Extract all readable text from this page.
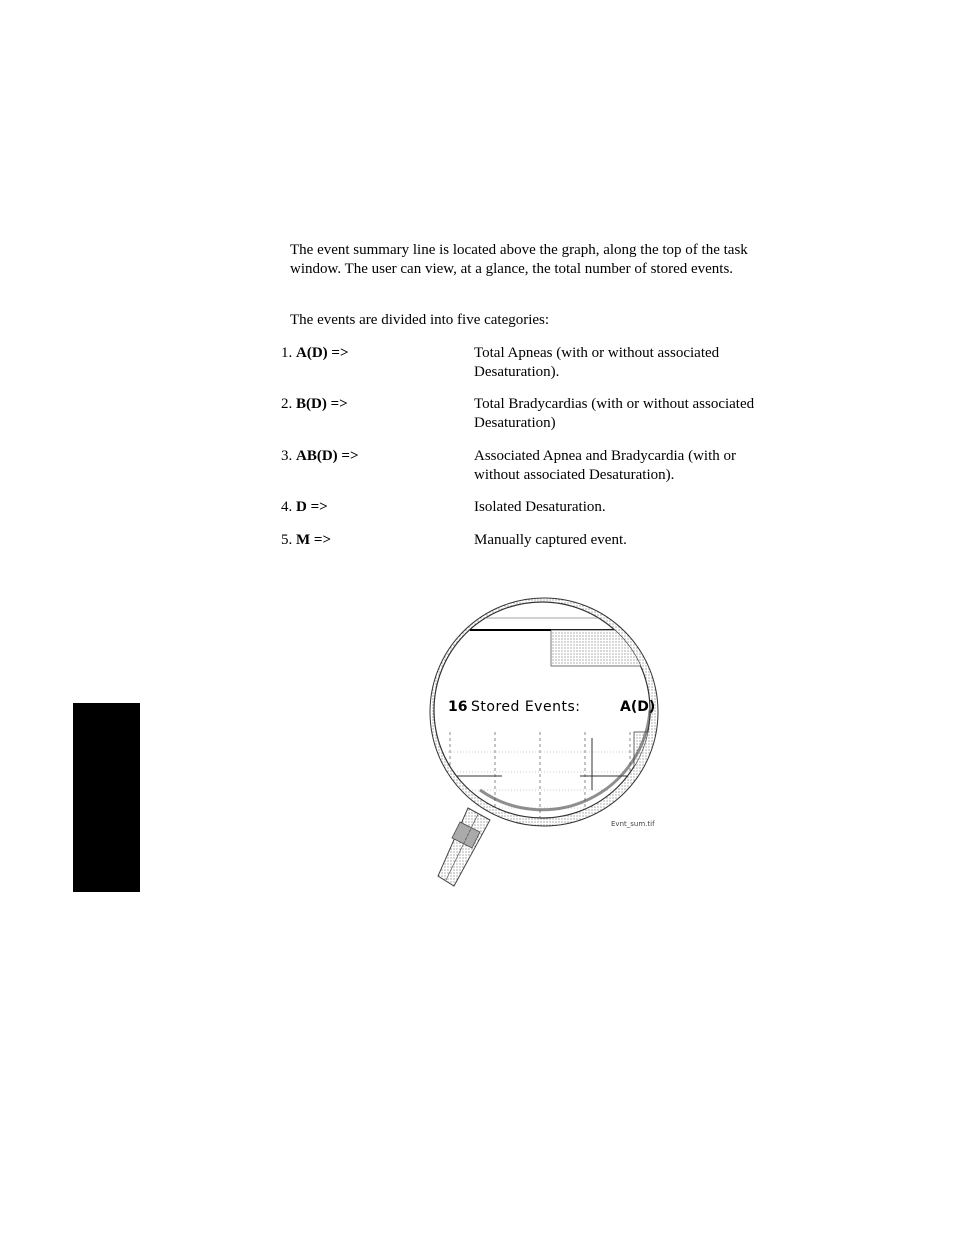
The event summary line is located above the graph, along the top of the task window. The user can view, at a glance, the total number of stored events.

The events are divided into five categories:

1. A(D) =>	Total Apneas (with or without associated Desaturation).
2. B(D) =>	Total Bradycardias (with or without associated Desaturation)
3. AB(D) =>	Associated Apnea and Bradycardia (with or without associated Desaturation).
4. D =>	Isolated Desaturation.
5. M =>	Manually captured event.
16 Stored Events:	A(D)
Evnt_sum.tif
